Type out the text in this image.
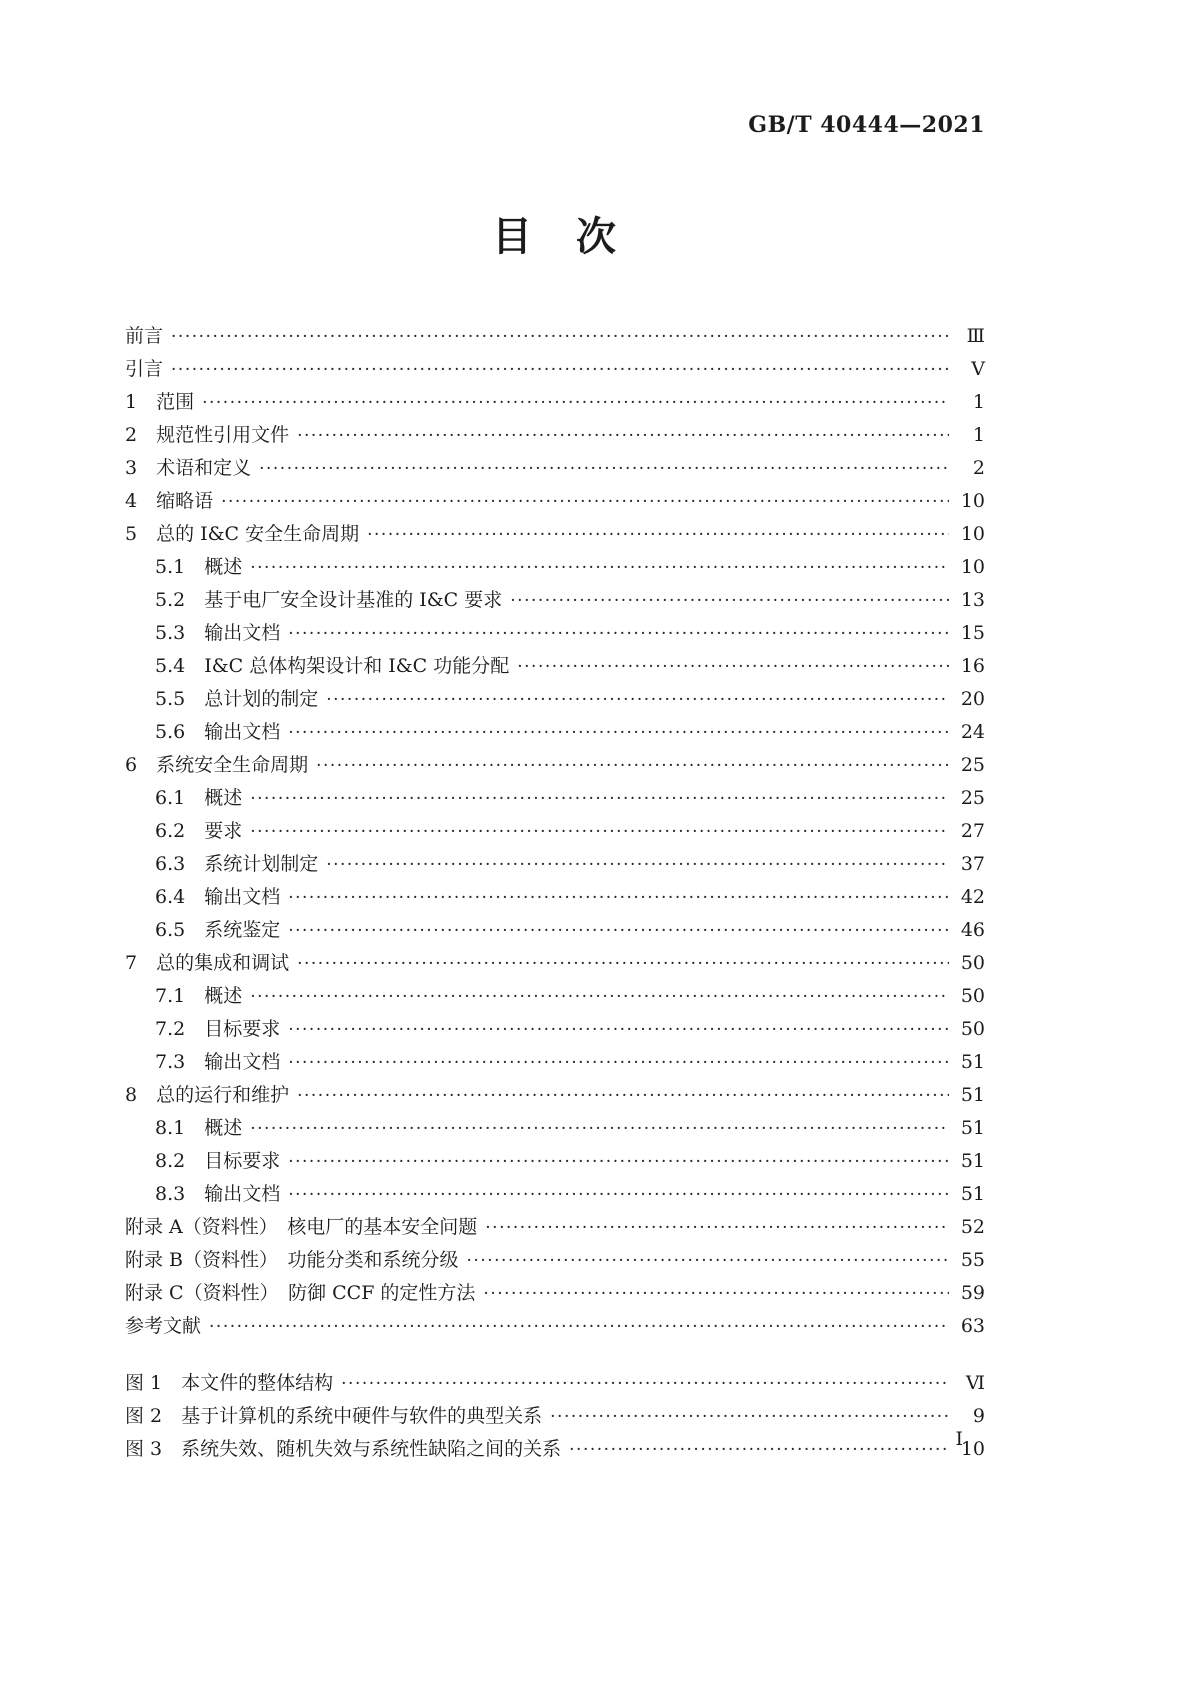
GB/T 40444—2021
目　次
前言 ·····	Ⅲ
引言 ·····	Ⅴ
1　范围 ·····	1
2　规范性引用文件 ·····	1
3　术语和定义 ·····	2
4　缩略语 ·····	10
5　总的 I&C 安全生命周期 ·····	10
5.1　概述 ·····	10
5.2　基于电厂安全设计基准的 I&C 要求 ·····	13
5.3　输出文档 ·····	15
5.4　I&C 总体构架设计和 I&C 功能分配 ·····	16
5.5　总计划的制定 ·····	20
5.6　输出文档 ·····	24
6　系统安全生命周期 ·····	25
6.1　概述 ·····	25
6.2　要求 ·····	27
6.3　系统计划制定 ·····	37
6.4　输出文档 ·····	42
6.5　系统鉴定 ·····	46
7　总的集成和调试 ·····	50
7.1　概述 ·····	50
7.2　目标要求 ·····	50
7.3　输出文档 ·····	51
8　总的运行和维护 ·····	51
8.1　概述 ·····	51
8.2　目标要求 ·····	51
8.3　输出文档 ·····	51
附录 A（资料性）　核电厂的基本安全问题 ·····	52
附录 B（资料性）　功能分类和系统分级 ·····	55
附录 C（资料性）　防御 CCF 的定性方法 ·····	59
参考文献 ·····	63
图 1　本文件的整体结构 ·····	Ⅵ
图 2　基于计算机的系统中硬件与软件的典型关系 ·····	9
图 3　系统失效、随机失效与系统性缺陷之间的关系 ·····	10
Ⅰ
